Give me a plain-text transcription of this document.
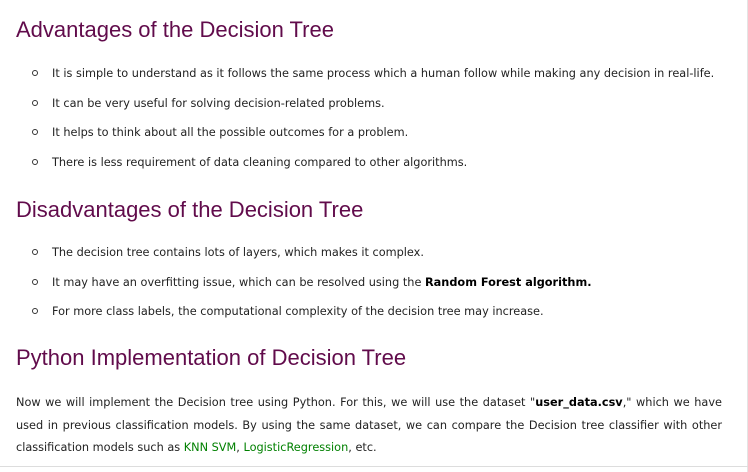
Advantages of the Decision Tree
It is simple to understand as it follows the same process which a human follow while making any decision in real-life.
It can be very useful for solving decision-related problems.
It helps to think about all the possible outcomes for a problem.
There is less requirement of data cleaning compared to other algorithms.
Disadvantages of the Decision Tree
The decision tree contains lots of layers, which makes it complex.
It may have an overfitting issue, which can be resolved using the Random Forest algorithm.
For more class labels, the computational complexity of the decision tree may increase.
Python Implementation of Decision Tree
Now we will implement the Decision tree using Python. For this, we will use the dataset "user_data.csv," which we have used in previous classification models. By using the same dataset, we can compare the Decision tree classifier with other classification models such as KNN SVM, LogisticRegression, etc.
